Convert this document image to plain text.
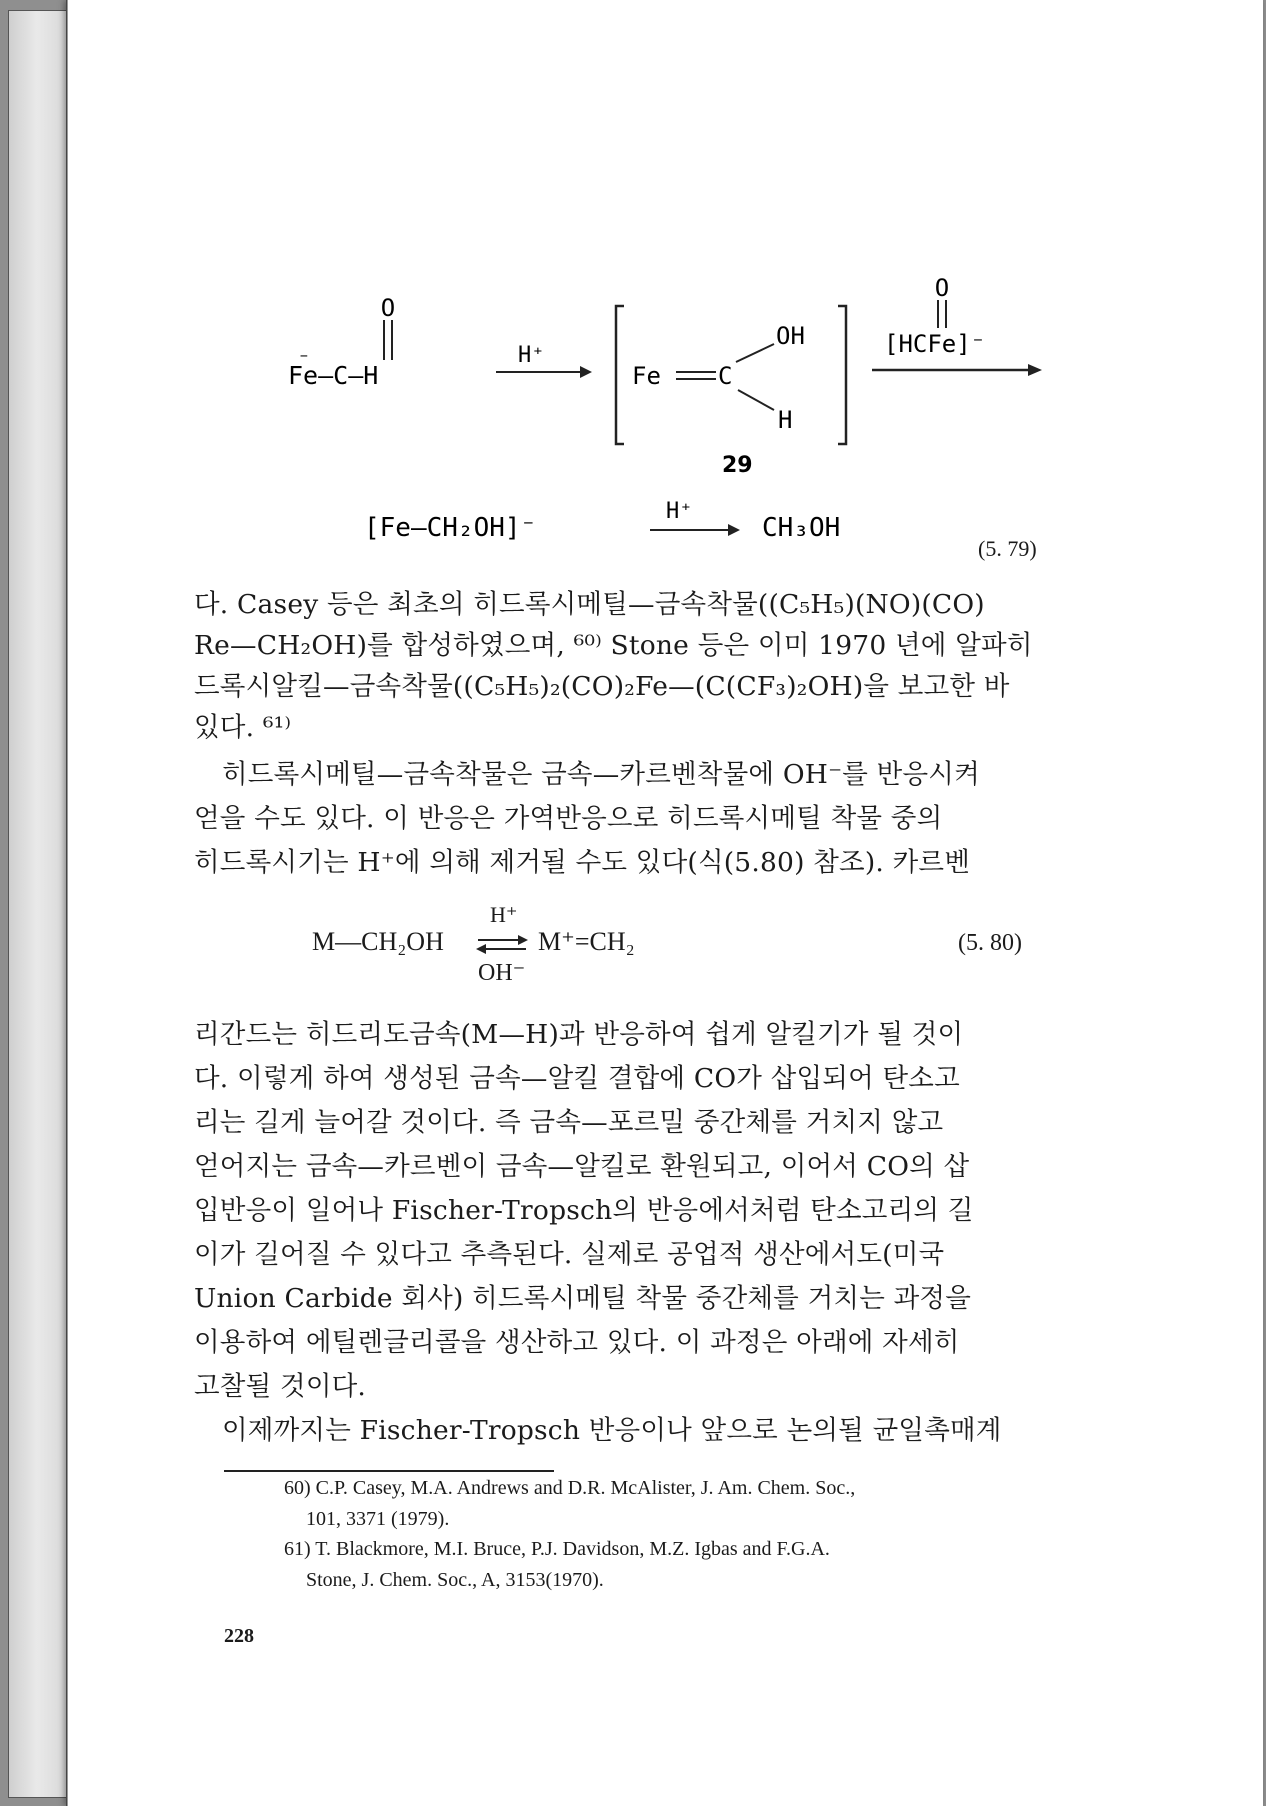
O
−
Fe—C—H
H⁺
Fe C
OH
H
29
O
[HCFe]⁻
[Fe—CH₂OH]⁻
H⁺
CH₃OH
(5. 79)
다. Casey 등은 최초의 히드록시메틸—금속착물((C₅H₅)(NO)(CO)
Re—CH₂OH)를 합성하였으며, ⁶⁰⁾ Stone 등은 이미 1970 년에 알파히
드록시알킬—금속착물((C₅H₅)₂(CO)₂Fe—(C(CF₃)₂OH)을 보고한 바
있다. ⁶¹⁾
히드록시메틸—금속착물은 금속—카르벤착물에 OH⁻를 반응시켜
얻을 수도 있다. 이 반응은 가역반응으로 히드록시메틸 착물 중의
히드록시기는 H⁺에 의해 제거될 수도 있다(식(5.80) 참조). 카르벤
M—CH₂OH
H⁺
OH⁻
M⁺=CH₂	(5. 80)
리간드는 히드리도금속(M—H)과 반응하여 쉽게 알킬기가 될 것이
다. 이렇게 하여 생성된 금속—알킬 결합에 CO가 삽입되어 탄소고
리는 길게 늘어갈 것이다. 즉 금속—포르밀 중간체를 거치지 않고
얻어지는 금속—카르벤이 금속—알킬로 환원되고, 이어서 CO의 삽
입반응이 일어나 Fischer-Tropsch의 반응에서처럼 탄소고리의 길
이가 길어질 수 있다고 추측된다. 실제로 공업적 생산에서도(미국
Union Carbide 회사) 히드록시메틸 착물 중간체를 거치는 과정을
이용하여 에틸렌글리콜을 생산하고 있다. 이 과정은 아래에 자세히
고찰될 것이다.
이제까지는 Fischer-Tropsch 반응이나 앞으로 논의될 균일촉매계
60) C.P. Casey, M.A. Andrews and D.R. McAlister, J. Am. Chem. Soc.,
101, 3371 (1979).
61) T. Blackmore, M.I. Bruce, P.J. Davidson, M.Z. Igbas and F.G.A.
Stone, J. Chem. Soc., A, 3153(1970).
228
